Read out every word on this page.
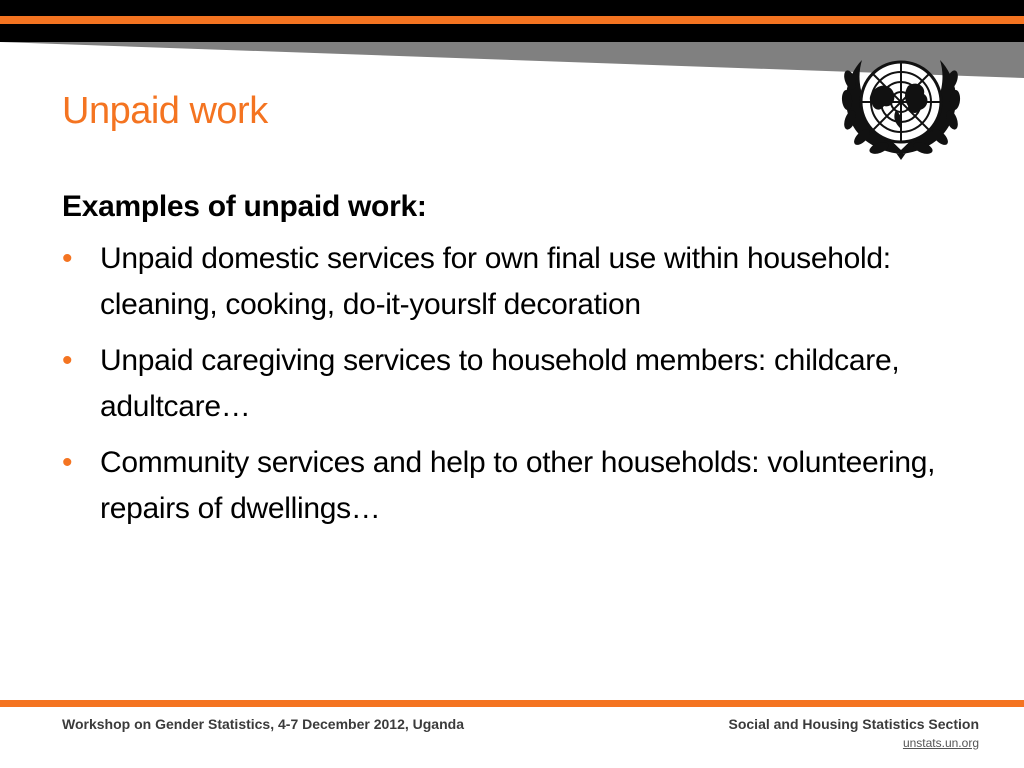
Unpaid work

Examples of unpaid work:

• Unpaid domestic services for own final use within household: cleaning, cooking, do-it-yourslf decoration
• Unpaid caregiving services to household members: childcare, adultcare…
• Community services and help to other households: volunteering, repairs of dwellings…
Workshop on Gender Statistics, 4-7 December 2012, Uganda	Social and Housing Statistics Section
unstats.un.org
